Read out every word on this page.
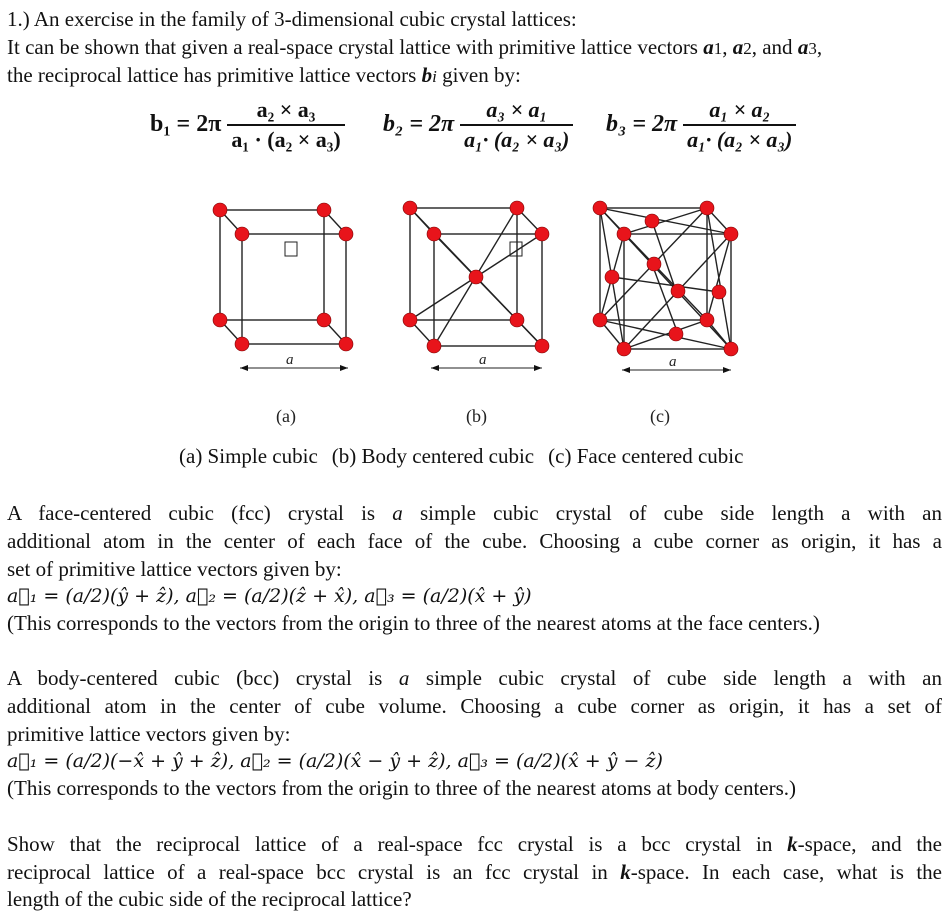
1.) An exercise in the family of 3-dimensional cubic crystal lattices:
It can be shown that given a real-space crystal lattice with primitive lattice vectors a1, a2, and a3,
the reciprocal lattice has primitive lattice vectors bi given by:
$b_1 = 2\pi \frac{\text{a₂ × a₃}}{\text{a₁ · (a₂ × a₃)}} b_2 = 2\pi \frac{\text{a₃ × a₁}}{\text{a₁· (a₂ × a₃)}} b_3 = 2\pi \frac{\text{a₁ × a₂}}{\text{a₁· (a₂ × a₃)}}$
a	a	a
(a)	(b)	(c)
(a) Simple cubic (b) Body centered cubic (c) Face centered cubic
A face-centered cubic (fcc) crystal is a simple cubic crystal of cube side length a with an
additional atom in the center of each face of the cube. Choosing a cube corner as origin, it has a
set of primitive lattice vectors given by:
a⃗₁ = (a/2)(ŷ + ẑ), a⃗₂ = (a/2)(ẑ + x̂), a⃗₃ = (a/2)(x̂ + ŷ)
(This corresponds to the vectors from the origin to three of the nearest atoms at the face centers.)
A body-centered cubic (bcc) crystal is a simple cubic crystal of cube side length a with an
additional atom in the center of cube volume. Choosing a cube corner as origin, it has a set of
primitive lattice vectors given by:
a⃗₁ = (a/2)(−x̂ + ŷ + ẑ), a⃗₂ = (a/2)(x̂ − ŷ + ẑ), a⃗₃ = (a/2)(x̂ + ŷ − ẑ)
(This corresponds to the vectors from the origin to three of the nearest atoms at body centers.)
Show that the reciprocal lattice of a real-space fcc crystal is a bcc crystal in k-space, and the
reciprocal lattice of a real-space bcc crystal is an fcc crystal in k-space. In each case, what is the
length of the cubic side of the reciprocal lattice?
